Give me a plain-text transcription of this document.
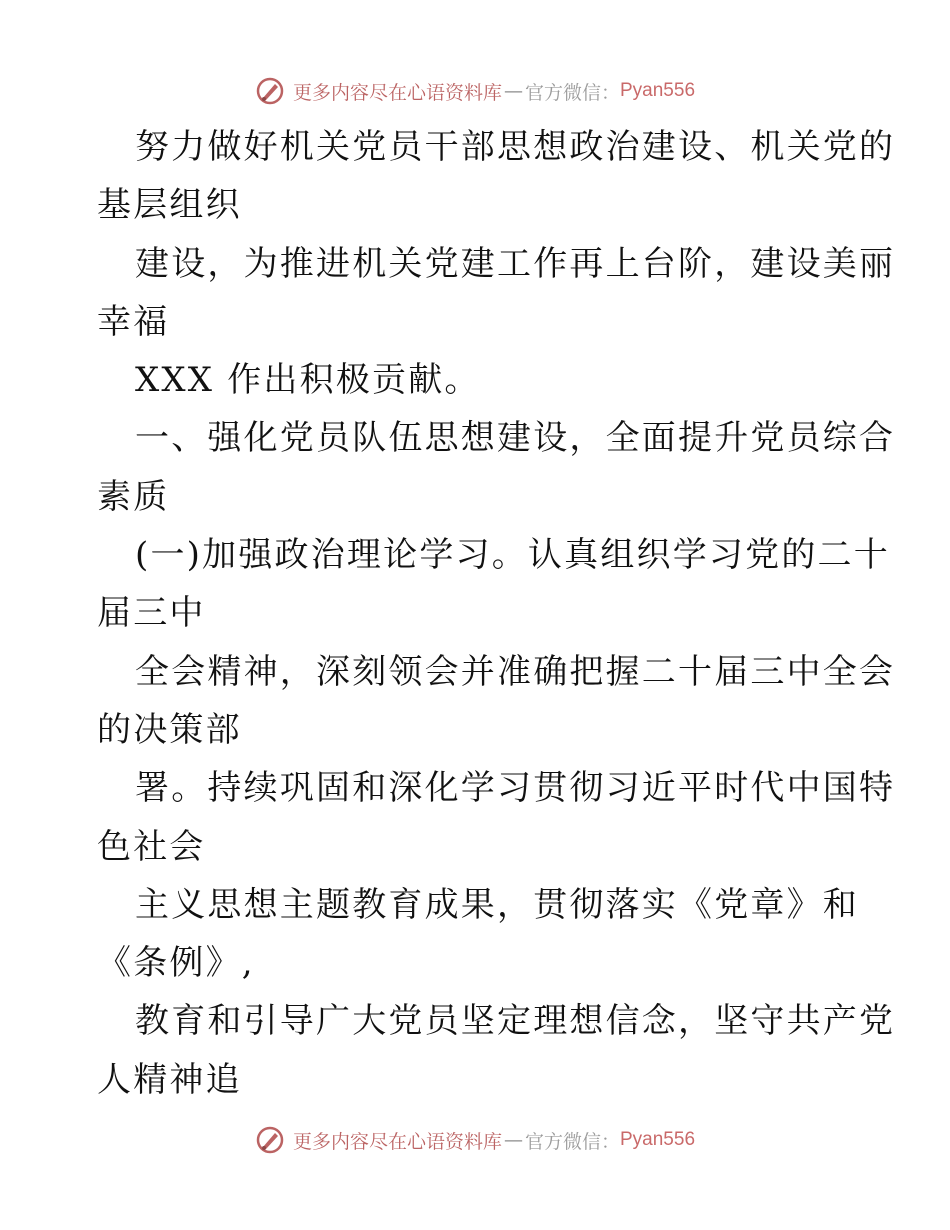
更多内容尽在心语资料库 — 官方微信： Pyan556
努力做好机关党员干部思想政治建设、机关党的
基层组织
建设，为推进机关党建工作再上台阶，建设美丽
幸福
XXX 作出积极贡献。
一、强化党员队伍思想建设，全面提升党员综合
素质
(一)加强政治理论学习。认真组织学习党的二十
届三中
全会精神，深刻领会并准确把握二十届三中全会
的决策部
署。持续巩固和深化学习贯彻习近平时代中国特
色社会
主义思想主题教育成果，贯彻落实《党章》和
《条例》,
教育和引导广大党员坚定理想信念，坚守共产党
人精神追
更多内容尽在心语资料库 — 官方微信： Pyan556
